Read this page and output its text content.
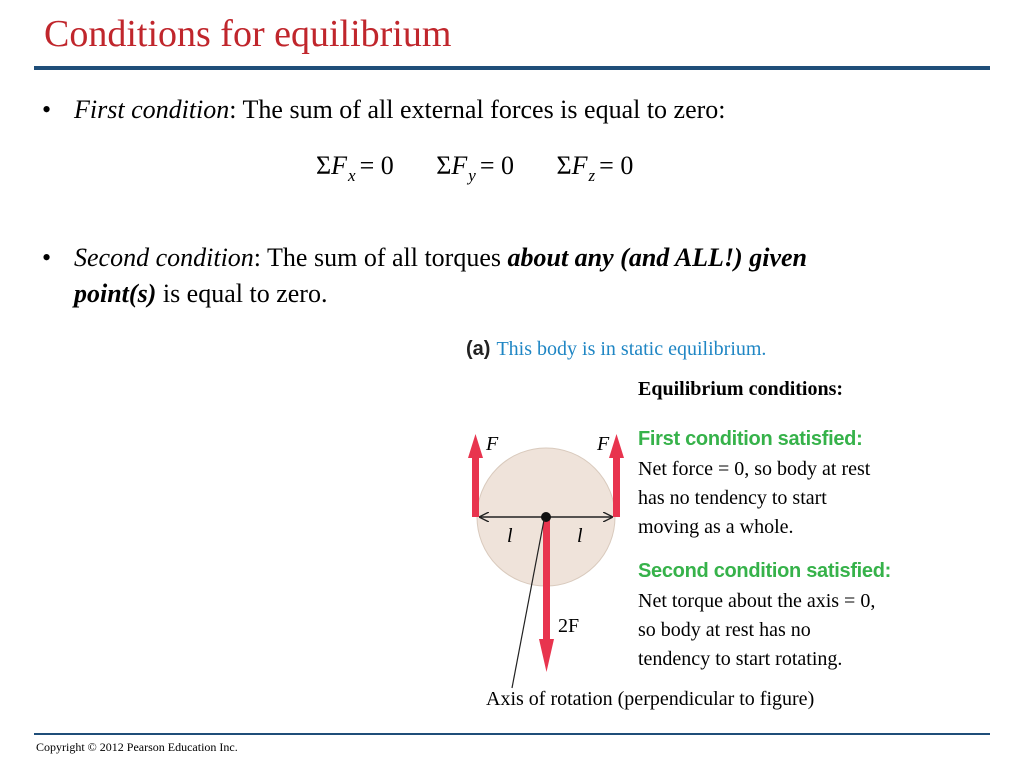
Conditions for equilibrium
• First condition: The sum of all external forces is equal to zero:
$\Sigma F_x = 0$ $\Sigma F_y = 0$ $\Sigma F_z = 0$
• Second condition: The sum of all torques about any (and ALL!) given
point(s) is equal to zero.
(a) This body is in static equilibrium.
F	F
l	l
2F
Axis of rotation (perpendicular to figure)
Equilibrium conditions:
First condition satisfied:
Net force = 0, so body at rest
has no tendency to start
moving as a whole.
Second condition satisfied:
Net torque about the axis = 0,
so body at rest has no
tendency to start rotating.
Copyright © 2012 Pearson Education Inc.
